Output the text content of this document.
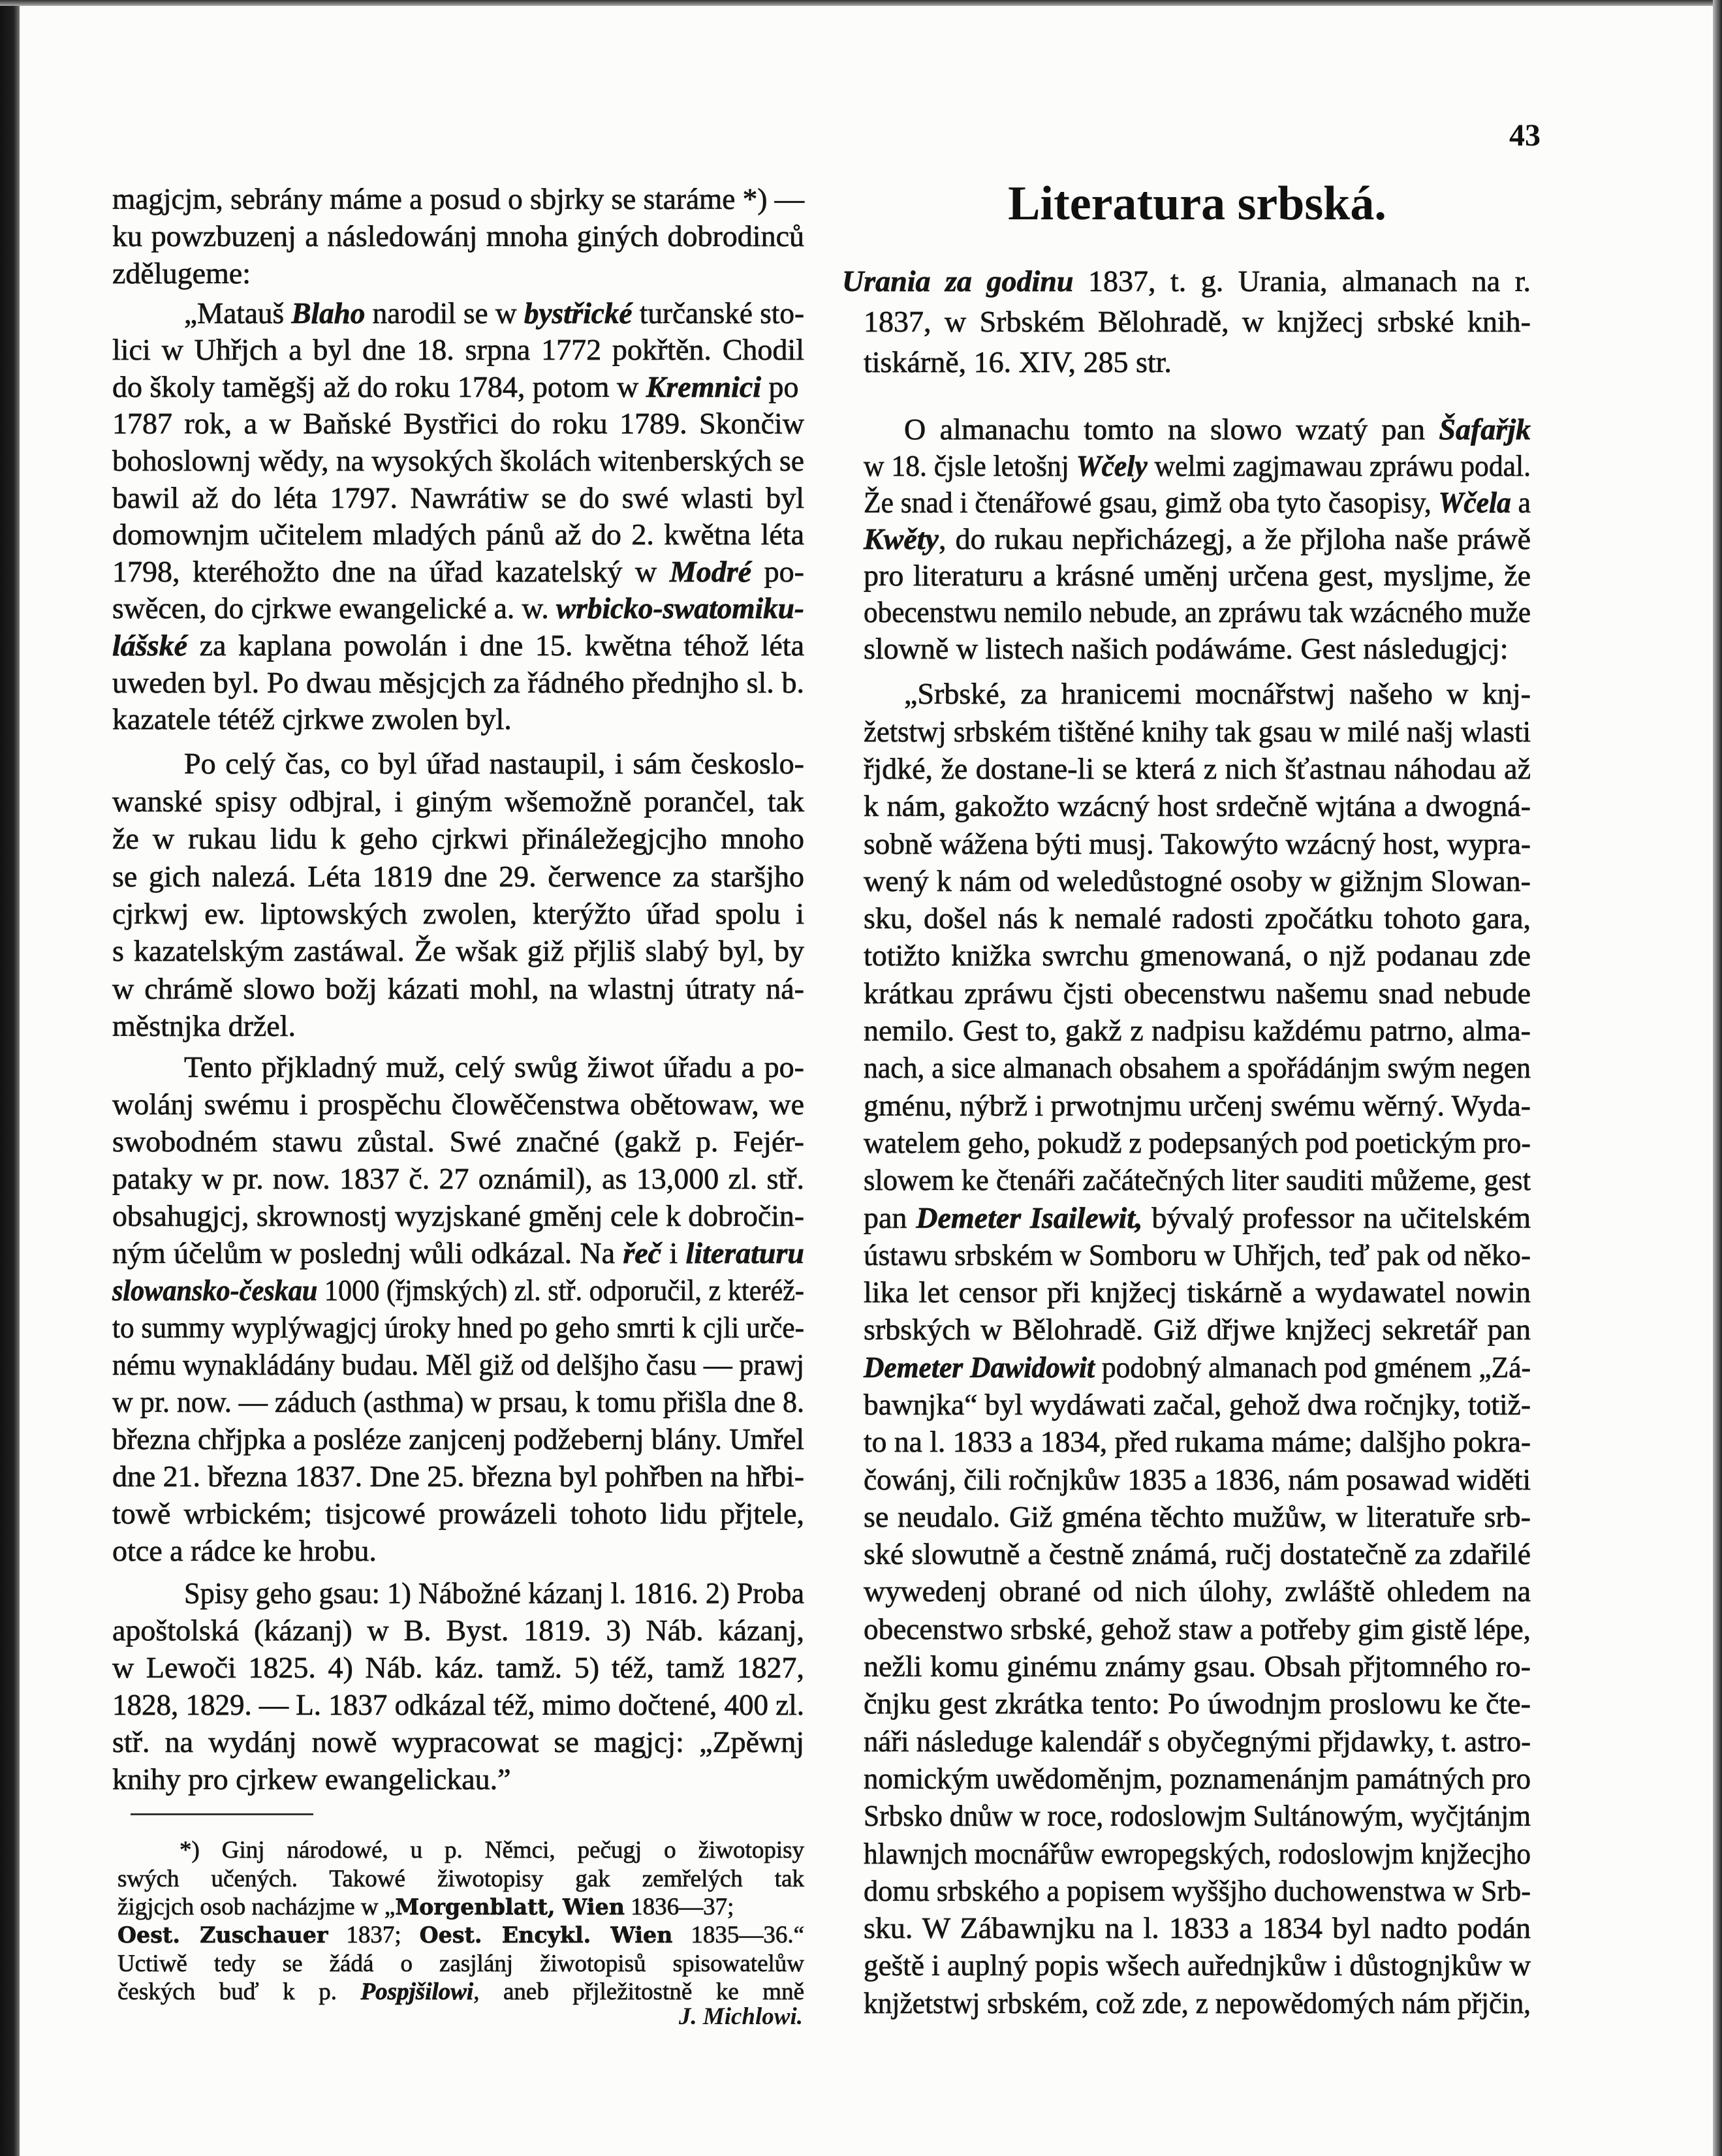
43
magjcjm, sebrány máme a posud o sbjrky se staráme *) —
ku powzbuzenj a následowánj mnoha giných dobrodinců
zdělugeme:
„Matauš Blaho narodil se w bystřické turčanské sto-
lici w Uhřjch a byl dne 18. srpna 1772 pokřtěn. Chodil
do školy tamĕgšj až do roku 1784, potom w Kremnici po
1787 rok, a w Baňské Bystřici do roku 1789. Skončiw
bohoslownj wědy, na wysokých školách witenberských se
bawil až do léta 1797. Nawrátiw se do swé wlasti byl
domownjm učitelem mladých pánů až do 2. kwětna léta
1798, kteréhožto dne na úřad kazatelský w Modré po-
swěcen, do cjrkwe ewangelické a. w. wrbicko-swatomiku-
lášské za kaplana powolán i dne 15. kwětna téhož léta
uweden byl. Po dwau měsjcjch za řádného přednjho sl. b.
kazatele tétéž cjrkwe zwolen byl.
Po celý čas, co byl úřad nastaupil, i sám českoslo-
wanské spisy odbjral, i giným wšemožně porančel, tak
že w rukau lidu k geho cjrkwi přináležegjcjho mnoho
se gich nalezá. Léta 1819 dne 29. čerwence za staršjho
cjrkwj ew. liptowských zwolen, kterýžto úřad spolu i
s kazatelským zastáwal. Že wšak giž přjliš slabý byl, by
w chrámě slowo božj kázati mohl, na wlastnj útraty ná-
městnjka držel.
Tento přjkladný muž, celý swůg žiwot úřadu a po-
wolánj swému i prospěchu člowěčenstwa obětowaw, we
swobodném stawu zůstal. Swé značné (gakž p. Fejér-
pataky w pr. now. 1837 č. 27 oznámil), as 13,000 zl. stř.
obsahugjcj, skrownostj wyzjskané gměnj cele k dobročin-
ným účelům w poslednj wůli odkázal. Na řeč i literaturu
slowansko-českau 1000 (řjmských) zl. stř. odporučil, z kteréž-
to summy wyplýwagjcj úroky hned po geho smrti k cjli urče-
nému wynakládány budau. Měl giž od delšjho času — prawj
w pr. now. — záduch (asthma) w prsau, k tomu přišla dne 8.
března chřjpka a posléze zanjcenj podžebernj blány. Umřel
dne 21. března 1837. Dne 25. března byl pohřben na hřbi-
towě wrbickém; tisjcowé prowázeli tohoto lidu přjtele,
otce a rádce ke hrobu.
Spisy geho gsau: 1) Nábožné kázanj l. 1816. 2) Proba
apoštolská (kázanj) w B. Byst. 1819. 3) Náb. kázanj,
w Lewoči 1825. 4) Náb. káz. tamž. 5) též, tamž 1827,
1828, 1829. — L. 1837 odkázal též, mimo dočtené, 400 zl.
stř. na wydánj nowě wypracowat se magjcj: „Zpěwnj
knihy pro cjrkew ewangelickau.”
*) Ginj národowé, u p. Němci, pečugj o žiwotopisy
swých učených. Takowé žiwotopisy gak zemřelých tak
žigjcjch osob nacházjme w „Morgenblatt, Wien 1836—37;
Oest. Zuschauer 1837; Oest. Encykl. Wien 1835—36.“
Uctiwě tedy se žádá o zasjlánj žiwotopisů spisowatelůw
českých buď k p. Pospjšilowi, aneb přjležitostně ke mně
J. Michlowi.
Literatura srbská.
Urania za godinu 1837, t. g. Urania, almanach na r.
1837, w Srbském Bělohradě, w knjžecj srbské knih-
tiskárně, 16. XIV, 285 str.
O almanachu tomto na slowo wzatý pan Šafařjk
w 18. čjsle letošnj Wčely welmi zagjmawau zpráwu podal.
Že snad i čtenářowé gsau, gimž oba tyto časopisy, Wčela a
Kwěty, do rukau nepřicházegj, a že přjloha naše práwě
pro literaturu a krásné uměnj určena gest, mysljme, že
obecenstwu nemilo nebude, an zpráwu tak wzácného muže
slowně w listech našich podáwáme. Gest následugjcj:
„Srbské, za hranicemi mocnářstwj našeho w knj-
žetstwj srbském tištěné knihy tak gsau w milé našj wlasti
řjdké, že dostane-li se která z nich šťastnau náhodau až
k nám, gakožto wzácný host srdečně wjtána a dwogná-
sobně wážena býti musj. Takowýto wzácný host, wypra-
wený k nám od weledůstogné osoby w gižnjm Slowan-
sku, došel nás k nemalé radosti zpočátku tohoto gara,
totižto knižka swrchu gmenowaná, o njž podanau zde
krátkau zpráwu čjsti obecenstwu našemu snad nebude
nemilo. Gest to, gakž z nadpisu každému patrno, alma-
nach, a sice almanach obsahem a spořádánjm swým negen
gménu, nýbrž i prwotnjmu určenj swému wěrný. Wyda-
watelem geho, pokudž z podepsaných pod poetickým pro-
slowem ke čtenáři začátečných liter sauditi můžeme, gest
pan Demeter Isailewit, bývalý professor na učitelském
ústawu srbském w Somboru w Uhřjch, teď pak od něko-
lika let censor při knjžecj tiskárně a wydawatel nowin
srbských w Bělohradě. Giž dřjwe knjžecj sekretář pan
Demeter Dawidowit podobný almanach pod gménem „Zá-
bawnjka“ byl wydáwati začal, gehož dwa ročnjky, totiž-
to na l. 1833 a 1834, před rukama máme; dalšjho pokra-
čowánj, čili ročnjkůw 1835 a 1836, nám posawad widěti
se neudalo. Giž gména těchto mužůw, w literatuře srb-
ské slowutně a čestně známá, ručj dostatečně za zdařilé
wywedenj obrané od nich úlohy, zwláště ohledem na
obecenstwo srbské, gehož staw a potřeby gim gistě lépe,
nežli komu ginému známy gsau. Obsah přjtomného ro-
čnjku gest zkrátka tento: Po úwodnjm proslowu ke čte-
náři následuge kalendář s obyčegnými přjdawky, t. astro-
nomickým uwědoměnjm, poznamenánjm památných pro
Srbsko dnůw w roce, rodoslowjm Sultánowým, wyčjtánjm
hlawnjch mocnářůw ewropegských, rodoslowjm knjžecjho
domu srbského a popisem wyššjho duchowenstwa w Srb-
sku. W Zábawnjku na l. 1833 a 1834 byl nadto podán
geště i auplný popis wšech auřednjkůw i důstognjkůw w
knjžetstwj srbském, což zde, z nepowědomých nám přjčin,
